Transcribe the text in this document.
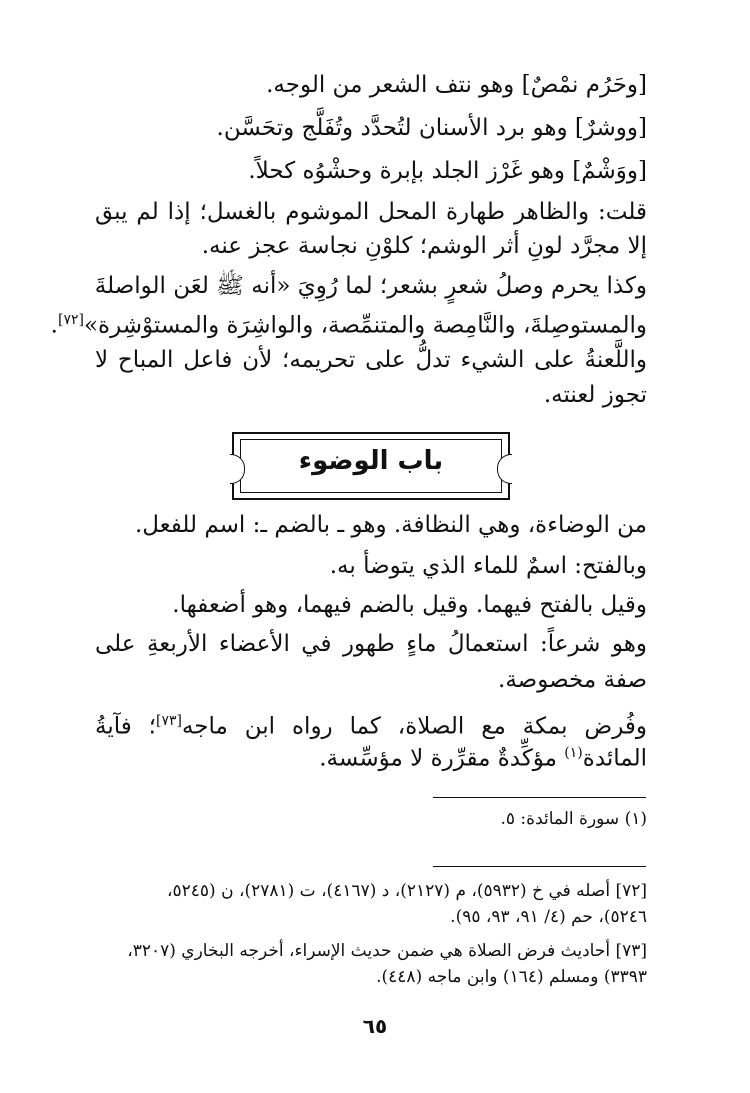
[وحَرُم نمْصٌ] وهو نتف الشعر من الوجه.
[ووشرٌ] وهو برد الأسنان لتُحدَّد وتُفَلَّج وتحَسَّن.
[ووَشْمٌ] وهو غَرْز الجلد بإبرة وحشْوُه كحلاً.
قلت: والظاهر طهارة المحل الموشوم بالغسل؛ إذا لم يبق
إلا مجرَّد لونِ أثر الوشم؛ كلوْنِ نجاسة عجز عنه.
وكذا يحرم وصلُ شعرٍ بشعر؛ لما رُوِيَ «أنه ﷺ لعَن الواصلةَ
والمستوصِلةَ، والنَّامِصة والمتنمِّصة، والواشِرَة والمستوْشِرة»[٧٢].
واللَّعنةُ على الشيء تدلُّ على تحريمه؛ لأن فاعل المباح لا
تجوز لعنته.
باب الوضوء
من الوضاءة، وهي النظافة. وهو ـ بالضم ـ: اسم للفعل.
وبالفتح: اسمٌ للماء الذي يتوضأ به.
وقيل بالفتح فيهما. وقيل بالضم فيهما، وهو أضعفها.
وهو شرعاً: استعمالُ ماءٍ طهور في الأعضاء الأربعةِ على
صفة مخصوصة.
وفُرض بمكة مع الصلاة، كما رواه ابن ماجه[٧٣]؛ فآيةُ
المائدة$^{(١)}$ مؤكِّدةٌ مقرِّرة لا مؤسِّسة.
(١) سورة المائدة: ٥.
[٧٢] أصله في خ (٥٩٣٢)، م (٢١٢٧)، د (٤١٦٧)، ت (٢٧٨١)، ن (٥٢٤٥،
٥٢٤٦)، حم (٤/ ٩١، ٩٣، ٩٥).
[٧٣] أحاديث فرض الصلاة هي ضمن حديث الإسراء، أخرجه البخاري (٣٢٠٧،
٣٣٩٣) ومسلم (١٦٤) وابن ماجه (٤٤٨).
٦٥
